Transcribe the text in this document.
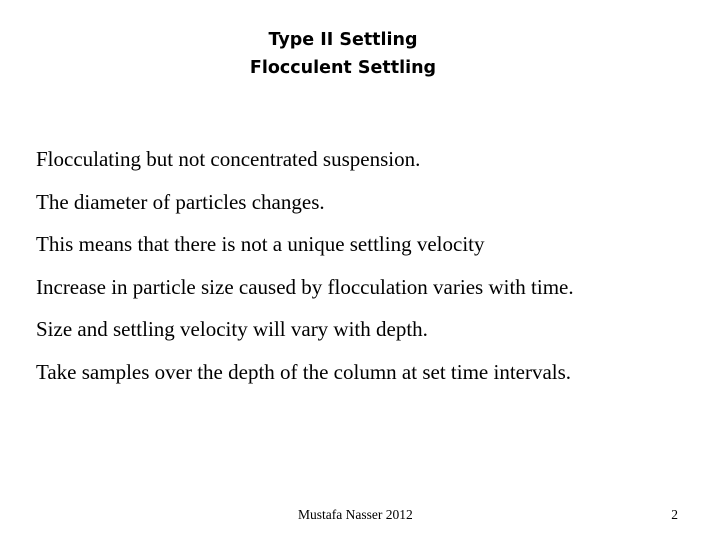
Type II Settling
Flocculent Settling
Flocculating but not concentrated suspension.
The diameter of particles changes.
This means that there is not a unique settling velocity
Increase in particle size caused by flocculation varies with time.
Size and settling velocity will vary with depth.
Take samples over the depth of the column at set time intervals.
Mustafa Nasser 2012	2
